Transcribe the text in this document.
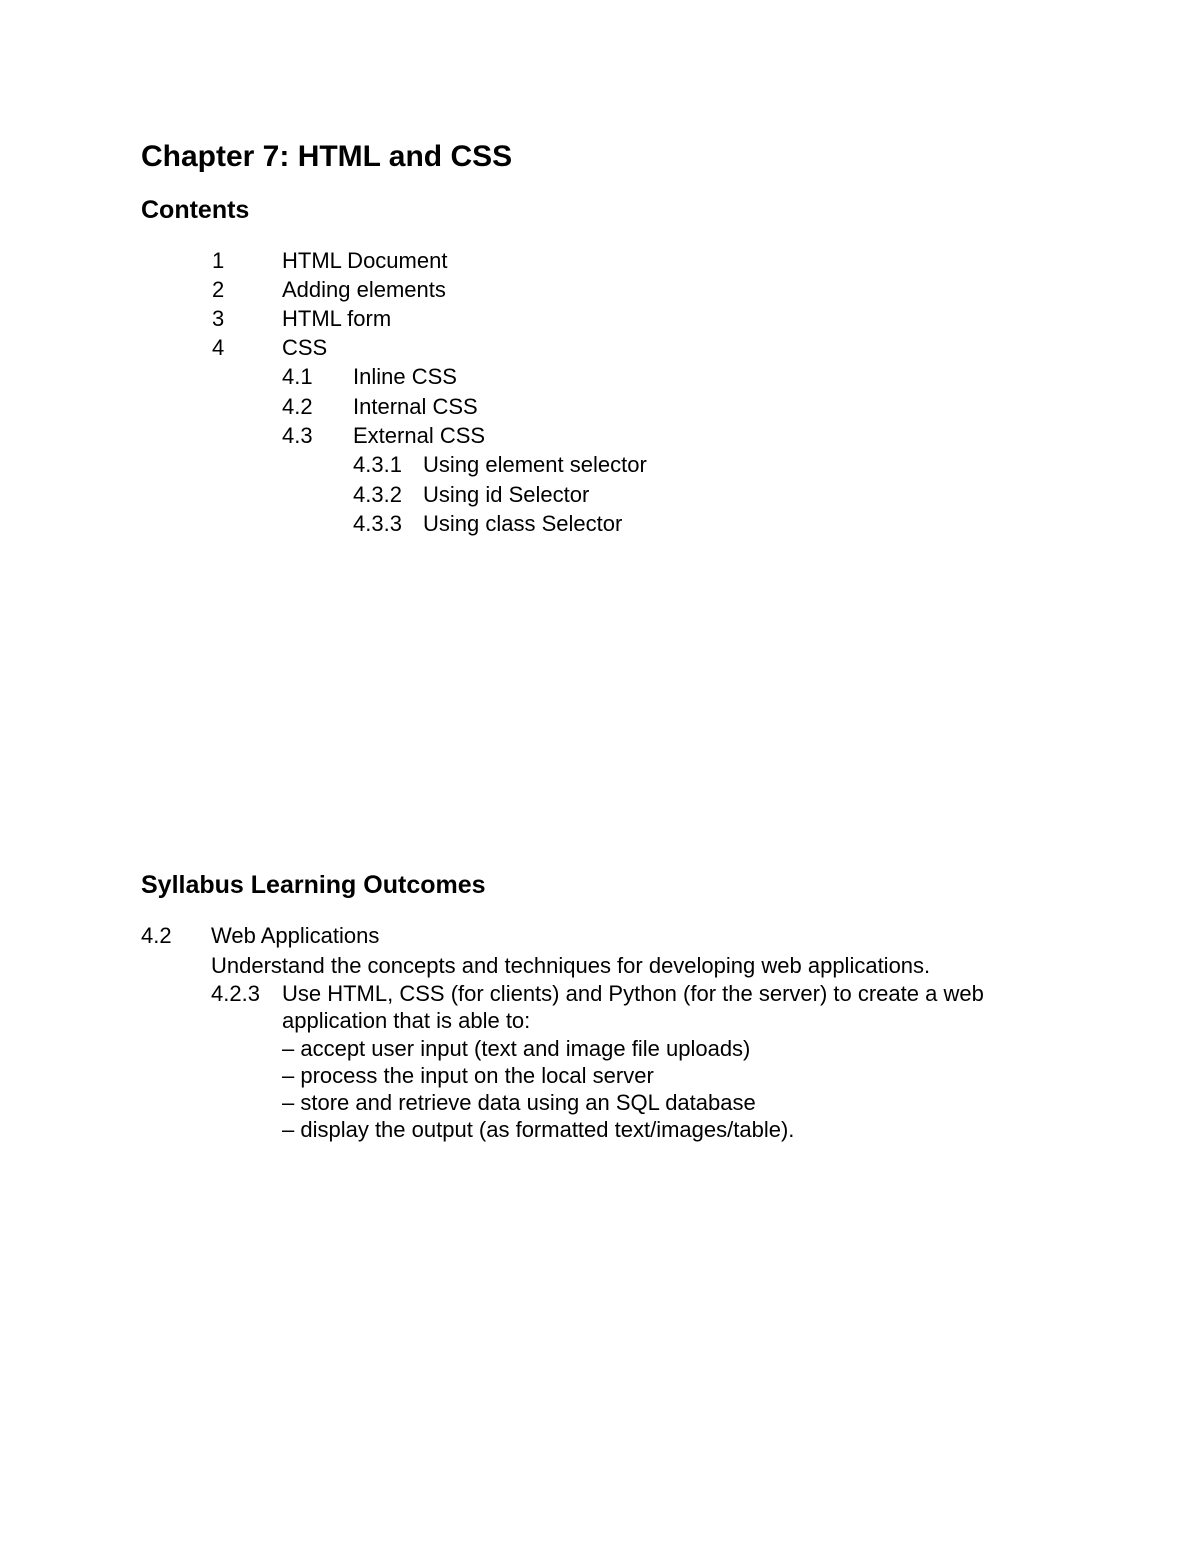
Chapter 7: HTML and CSS
Contents
1	HTML Document
2	Adding elements
3	HTML form
4	CSS
4.1 Inline CSS
4.2 Internal CSS
4.3 External CSS
4.3.1 Using element selector
4.3.2 Using id Selector
4.3.3 Using class Selector
Syllabus Learning Outcomes
4.2 Web Applications
Understand the concepts and techniques for developing web applications.
4.2.3 Use HTML, CSS (for clients) and Python (for the server) to create a web
application that is able to:
– accept user input (text and image file uploads)
– process the input on the local server
– store and retrieve data using an SQL database
– display the output (as formatted text/images/table).
